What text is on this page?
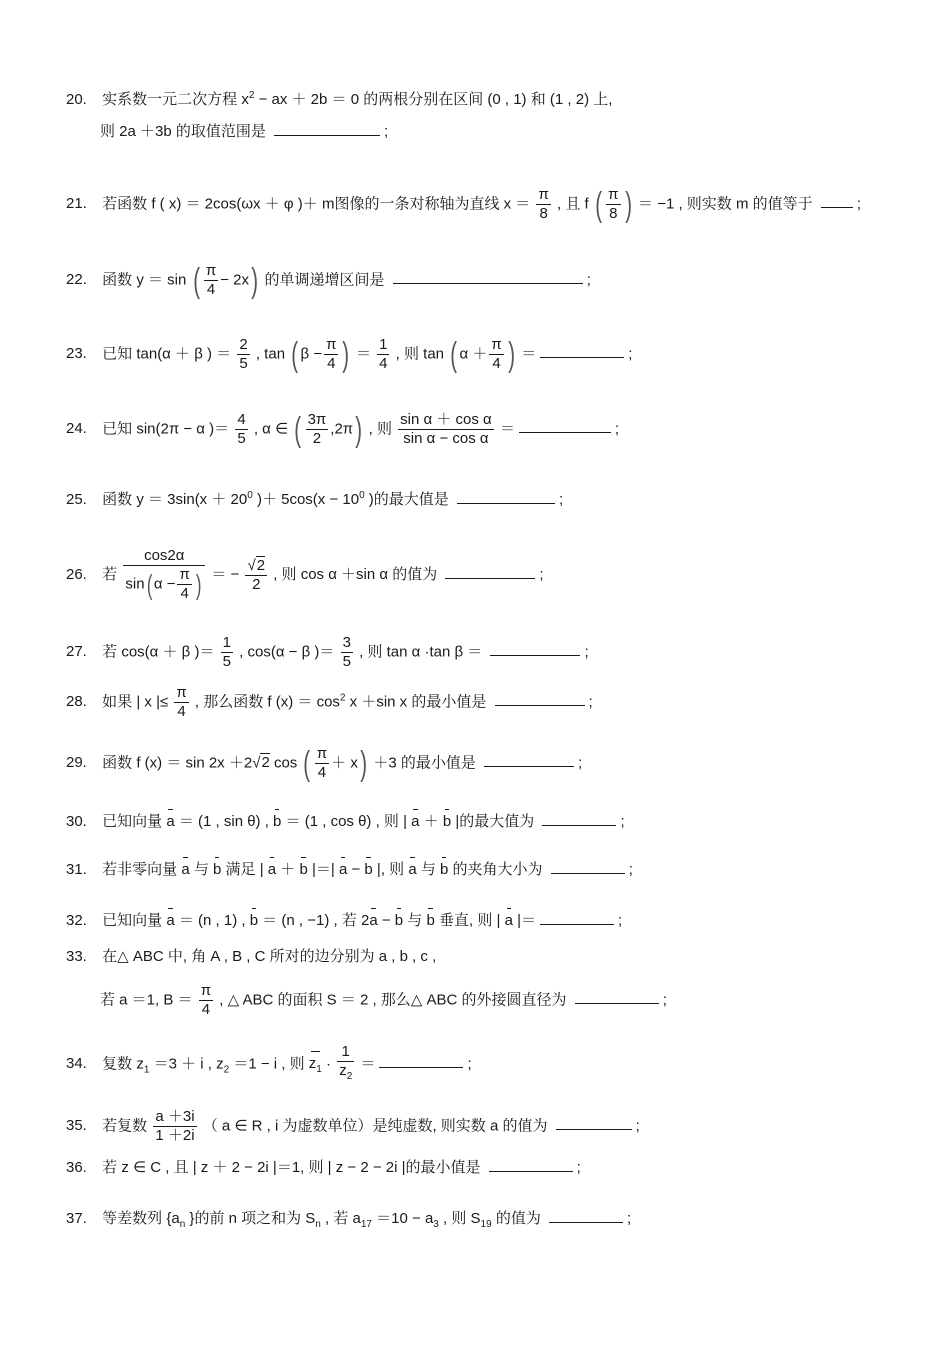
20. 实系数一元二次方程 $x^2$ − ax ＋ 2b ＝ 0 的两根分别在区间 (0 , 1) 和 (1 , 2) 上,
则 2a ＋3b 的取值范围是	;
21. 若函数 f ( x) ＝ 2cos(ωx ＋ φ )＋ m图像的一条对称轴为直线 $x = \frac{\pi}{8}$ , 且 f ( $\frac{\pi}{8}$ ) ＝ −1 , 则实数 m 的值等于	;
22. 函数 y ＝ sin ( $\frac{\pi}{4} - 2x$) 的单调递增区间是	;
23. 已知 tan(α ＋ β ) ＝ $\frac{2}{5}$ , tan ( $\beta - \frac{\pi}{4}$ ) ＝ $\frac{1}{4}$ , 则 tan ( $\alpha + \frac{\pi}{4}$ ) ＝	;
24. 已知 sin(2π − α )＝ $\frac{4}{5}$ , α ∈ ( $\frac{3\pi}{2} ,2\pi$) , 则 $\frac{\text{sin α ＋ cos α}}{\text{sin α − cos α}}$ ＝	;
25. 函数 $y = 3\sin(x + 20^0$ )＋ $5\cos(x - 10^0$ )的最大值是	;
26. 若 $\frac{\cos 2\alpha}{\sin( \alpha - \frac{\pi}{4} )}$ ＝ − $\frac{√2}{2}$ , 则 cos α ＋sin α 的值为	;
27. 若 cos(α ＋ β )＝ $\frac{1}{5}$ , cos(α − β )＝ $\frac{3}{5}$ , 则 tan α ·tan β ＝	;
28. 如果 | x |≤ $\frac{\pi}{4}$ , 那么函数 f $(x) = \cos^2 x +\sin$ x 的最小值是	;
29. 函数 f (x) ＝ sin 2x ＋2√2 cos ( $\frac{\pi}{4} + x) +3$ 的最小值是	;
30. 已知向量 a ＝ (1 , sin θ) , b ＝ (1 , cos θ) , 则 | a ＋ b |的最大值为	;
31. 若非零向量 a 与 b 满足 | a ＋ b |＝| a − b |, 则 a 与 b 的夹角大小为	;
32. 已知向量 a ＝ (n , 1) , b ＝ (n , −1) , 若 2a − b 与 b 垂直, 则 | a |＝	;
33. 在△ ABC 中, 角 A , B , C 所对的边分别为 a , b , c ,
若 a ＝1, $B = \frac{\pi}{4}$ , △ ABC 的面积 S ＝ 2 , 那么△ ABC 的外接圆直径为	;
34. 复数 $z_1 =3 + i$ , $z_2 =1 - i$ , 则 $z_1 \cdot \frac{1}{z_2}$ ＝	;
35. 若复数 $\frac{a +3i}{1 +2i}$ （ a ∈ R , i 为虚数单位）是纯虚数, 则实数 a 的值为	;
36. 若 z ∈ C , 且 | z ＋ 2 − 2i |＝1, 则 | z − 2 − 2i |的最小值是	;
37. 等差数列 {$a_n$ }的前 n 项之和为 $S_n$ , 若 $a_{17} =10 - a_3$ , 则 $S_{19}$ 的值为	;
